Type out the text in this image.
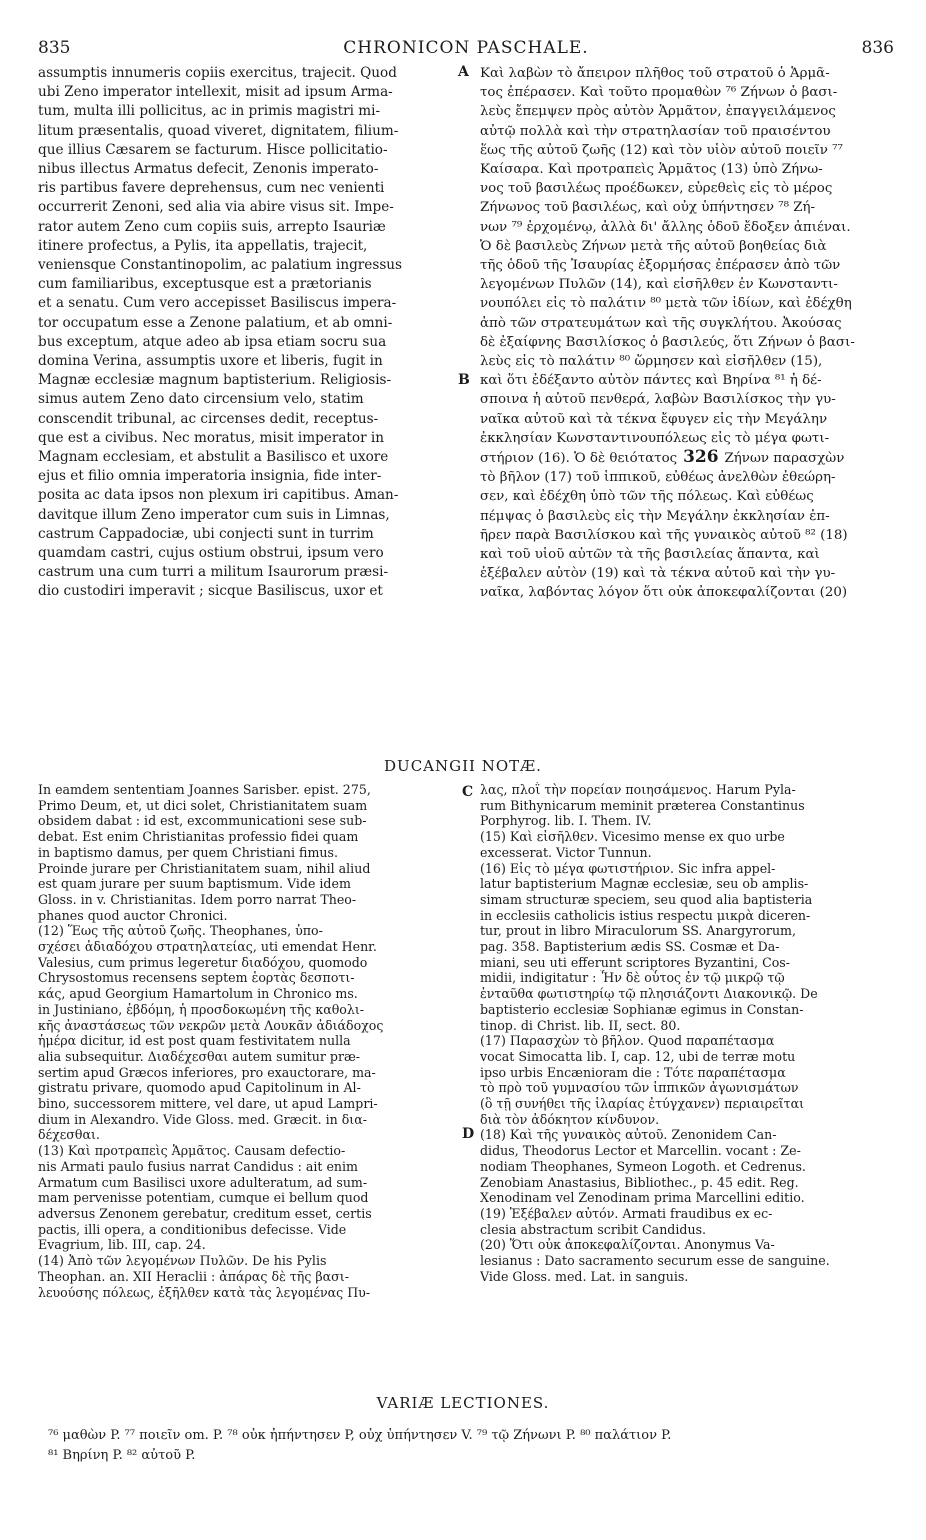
835	CHRONICON PASCHALE.	836
assumptis innumeris copiis exercitus, trajecit. Quod
ubi Zeno imperator intellexit, misit ad ipsum Arma-
tum, multa illi pollicitus, ac in primis magistri mi-
litum præsentalis, quoad viveret, dignitatem, filium-
que illius Cæsarem se facturum. Hisce pollicitatio-
nibus illectus Armatus defecit, Zenonis imperato-
ris partibus favere deprehensus, cum nec venienti
occurrerit Zenoni, sed alia via abire visus sit. Impe-
rator autem Zeno cum copiis suis, arrepto Isauriæ
itinere profectus, a Pylis, ita appellatis, trajecit,
veniensque Constantinopolim, ac palatium ingressus
cum familiaribus, exceptusque est a prætorianis
et a senatu. Cum vero accepisset Basiliscus impera-
tor occupatum esse a Zenone palatium, et ab omni-
bus exceptum, atque adeo ab ipsa etiam socru sua
domina Verina, assumptis uxore et liberis, fugit in
Magnæ ecclesiæ magnum baptisterium. Religiosis-
simus autem Zeno dato circensium velo, statim
conscendit tribunal, ac circenses dedit, receptus-
que est a civibus. Nec moratus, misit imperator in
Magnam ecclesiam, et abstulit a Basilisco et uxore
ejus et filio omnia imperatoria insignia, fide inter-
posita ac data ipsos non plexum iri capitibus. Aman-
davitque illum Zeno imperator cum suis in Limnas,
castrum Cappadociæ, ubi conjecti sunt in turrim
quamdam castri, cujus ostium obstrui, ipsum vero
castrum una cum turri a militum Isaurorum præsi-
dio custodiri imperavit ; sicque Basiliscus, uxor et
Καὶ λαβὼν τὸ ἄπειρον πλῆθος τοῦ στρατοῦ ὁ Ἁρμᾶ-
τος ἐπέρασεν. Καὶ τοῦτο προμαθὼν ⁷⁶ Ζήνων ὁ βασι-
λεὺς ἔπεμψεν πρὸς αὐτὸν Ἁρμᾶτον, ἐπαγγειλάμενος
αὐτῷ πολλὰ καὶ τὴν στρατηλασίαν τοῦ πραισέντου
ἕως τῆς αὐτοῦ ζωῆς (12) καὶ τὸν υἱὸν αὐτοῦ ποιεῖν ⁷⁷
Καίσαρα. Καὶ προτραπεὶς Ἁρμᾶτος (13) ὑπὸ Ζήνω-
νος τοῦ βασιλέως προέδωκεν, εὑρεθεὶς εἰς τὸ μέρος
Ζήνωνος τοῦ βασιλέως, καὶ οὐχ ὑπήντησεν ⁷⁸ Ζή-
νων ⁷⁹ ἐρχομένῳ, ἀλλὰ δι' ἄλλης ὁδοῦ ἔδοξεν ἀπιέναι.
Ὁ δὲ βασιλεὺς Ζήνων μετὰ τῆς αὐτοῦ βοηθείας διὰ
τῆς ὁδοῦ τῆς Ἰσαυρίας ἐξορμήσας ἐπέρασεν ἀπὸ τῶν
λεγομένων Πυλῶν (14), καὶ εἰσῆλθεν ἐν Κωνσταντι-
νουπόλει εἰς τὸ παλάτιν ⁸⁰ μετὰ τῶν ἰδίων, καὶ ἐδέχθη
ἀπὸ τῶν στρατευμάτων καὶ τῆς συγκλήτου. Ἀκούσας
δὲ ἐξαίφνης Βασιλίσκος ὁ βασιλεύς, ὅτι Ζήνων ὁ βασι-
λεὺς εἰς τὸ παλάτιν ⁸⁰ ὥρμησεν καὶ εἰσῆλθεν (15),
καὶ ὅτι ἐδέξαντο αὐτὸν πάντες καὶ Βηρίνα ⁸¹ ἡ δέ-
σποινα ἡ αὐτοῦ πενθερά, λαβὼν Βασιλίσκος τὴν γυ-
ναῖκα αὐτοῦ καὶ τὰ τέκνα ἔφυγεν εἰς τὴν Μεγάλην
ἐκκλησίαν Κωνσταντινουπόλεως εἰς τὸ μέγα φωτι-
στήριον (16). Ὁ δὲ θειότατος 326 Ζήνων παρασχὼν
τὸ βῆλον (17) τοῦ ἱππικοῦ, εὐθέως ἀνελθὼν ἐθεώρη-
σεν, καὶ ἐδέχθη ὑπὸ τῶν τῆς πόλεως. Καὶ εὐθέως
πέμψας ὁ βασιλεὺς εἰς τὴν Μεγάλην ἐκκλησίαν ἐπ-
ῆρεν παρὰ Βασιλίσκου καὶ τῆς γυναικὸς αὐτοῦ ⁸² (18)
καὶ τοῦ υἱοῦ αὐτῶν τὰ τῆς βασιλείας ἅπαντα, καὶ
ἐξέβαλεν αὐτὸν (19) καὶ τὰ τέκνα αὐτοῦ καὶ τὴν γυ-
ναῖκα, λαβόντας λόγον ὅτι οὐκ ἀποκεφαλίζονται (20)
A
B
DUCANGII NOTÆ.
In eamdem sententiam Joannes Sarisber. epist. 275,
Primo Deum, et, ut dici solet, Christianitatem suam
obsidem dabat : id est, excommunicationi sese sub-
debat. Est enim Christianitas professio fidei quam
in baptismo damus, per quem Christiani fimus.
Proinde jurare per Christianitatem suam, nihil aliud
est quam jurare per suum baptismum. Vide idem
Gloss. in v. Christianitas. Idem porro narrat Theo-
phanes quod auctor Chronici.
(12) Ἕως τῆς αὐτοῦ ζωῆς. Theophanes, ὑπο-
σχέσει ἀδιαδόχου στρατηλατείας, uti emendat Henr.
Valesius, cum primus legeretur διαδόχου, quomodo
Chrysostomus recensens septem ἑορτὰς δεσποτι-
κάς, apud Georgium Hamartolum in Chronico ms.
in Justiniano, ἑβδόμη, ἡ προσδοκωμένη τῆς καθολι-
κῆς ἀναστάσεως τῶν νεκρῶν μετὰ Λουκᾶν ἀδιάδοχος
ἡμέρα dicitur, id est post quam festivitatem nulla
alia subsequitur. Διαδέχεσθαι autem sumitur præ-
sertim apud Græcos inferiores, pro exauctorare, ma-
gistratu privare, quomodo apud Capitolinum in Al-
bino, successorem mittere, vel dare, ut apud Lampri-
dium in Alexandro. Vide Gloss. med. Græcit. in δια-
δέχεσθαι.
(13) Καὶ προτραπεὶς Ἁρμᾶτος. Causam defectio-
nis Armati paulo fusius narrat Candidus : ait enim
Armatum cum Basilisci uxore adulteratum, ad sum-
mam pervenisse potentiam, cumque ei bellum quod
adversus Zenonem gerebatur, creditum esset, certis
pactis, illi opera, a conditionibus defecisse. Vide
Evagrium, lib. III, cap. 24.
(14) Ἀπὸ τῶν λεγομένων Πυλῶν. De his Pylis
Theophan. an. XII Heraclii : ἀπάρας δὲ τῆς βασι-
λευούσης πόλεως, ἐξῆλθεν κατὰ τὰς λεγομένας Πυ-
λας, πλοῒ τὴν πορείαν ποιησάμενος. Harum Pyla-
rum Bithynicarum meminit præterea Constantinus
Porphyrog. lib. I. Them. IV.
(15) Καὶ εἰσῆλθεν. Vicesimo mense ex quo urbe
excesserat. Victor Tunnun.
(16) Εἰς τὸ μέγα φωτιστήριον. Sic infra appel-
latur baptisterium Magnæ ecclesiæ, seu ob amplis-
simam structuræ speciem, seu quod alia baptisteria
in ecclesiis catholicis istius respectu μικρὰ diceren-
tur, prout in libro Miraculorum SS. Anargyrorum,
pag. 358. Baptisterium ædis SS. Cosmæ et Da-
miani, seu uti efferunt scriptores Byzantini, Cos-
midii, indigitatur : Ἦν δὲ οὗτος ἐν τῷ μικρῷ τῷ
ἐνταῦθα φωτιστηρίῳ τῷ πλησιάζοντι Διακονικῷ. De
baptisterio ecclesiæ Sophianæ egimus in Constan-
tinop. di Christ. lib. II, sect. 80.
(17) Παρασχὼν τὸ βῆλον. Quod παραπέτασμα
vocat Simocatta lib. I, cap. 12, ubi de terræ motu
ipso urbis Encænioram die : Τότε παραπέτασμα
τὸ πρὸ τοῦ γυμνασίου τῶν ἱππικῶν ἀγωνισμάτων
(ὃ τῇ συνήθει τῆς ἱλαρίας ἐτύγχανεν) περιαιρεῖται
διὰ τὸν ἀδόκητον κίνδυνον.
(18) Καὶ τῆς γυναικὸς αὐτοῦ. Zenonidem Can-
didus, Theodorus Lector et Marcellin. vocant : Ze-
nodiam Theophanes, Symeon Logoth. et Cedrenus.
Zenobiam Anastasius, Bibliothec., p. 45 edit. Reg.
Xenodinam vel Zenodinam prima Marcellini editio.
(19) Ἐξέβαλεν αὐτόν. Armati fraudibus ex ec-
clesia abstractum scribit Candidus.
(20) Ὅτι οὐκ ἀποκεφαλίζονται. Anonymus Va-
lesianus : Dato sacramento securum esse de sanguine.
Vide Gloss. med. Lat. in sanguis.
C
D
VARIÆ LECTIONES.
⁷⁶ μαθὼν P. ⁷⁷ ποιεῖν om. P. ⁷⁸ οὐκ ἠπήντησεν P, οὐχ ὑπήντησεν V. ⁷⁹ τῷ Ζήνωνι P. ⁸⁰ παλάτιον P.
⁸¹ Βηρίνη P. ⁸² αὐτοῦ P.
